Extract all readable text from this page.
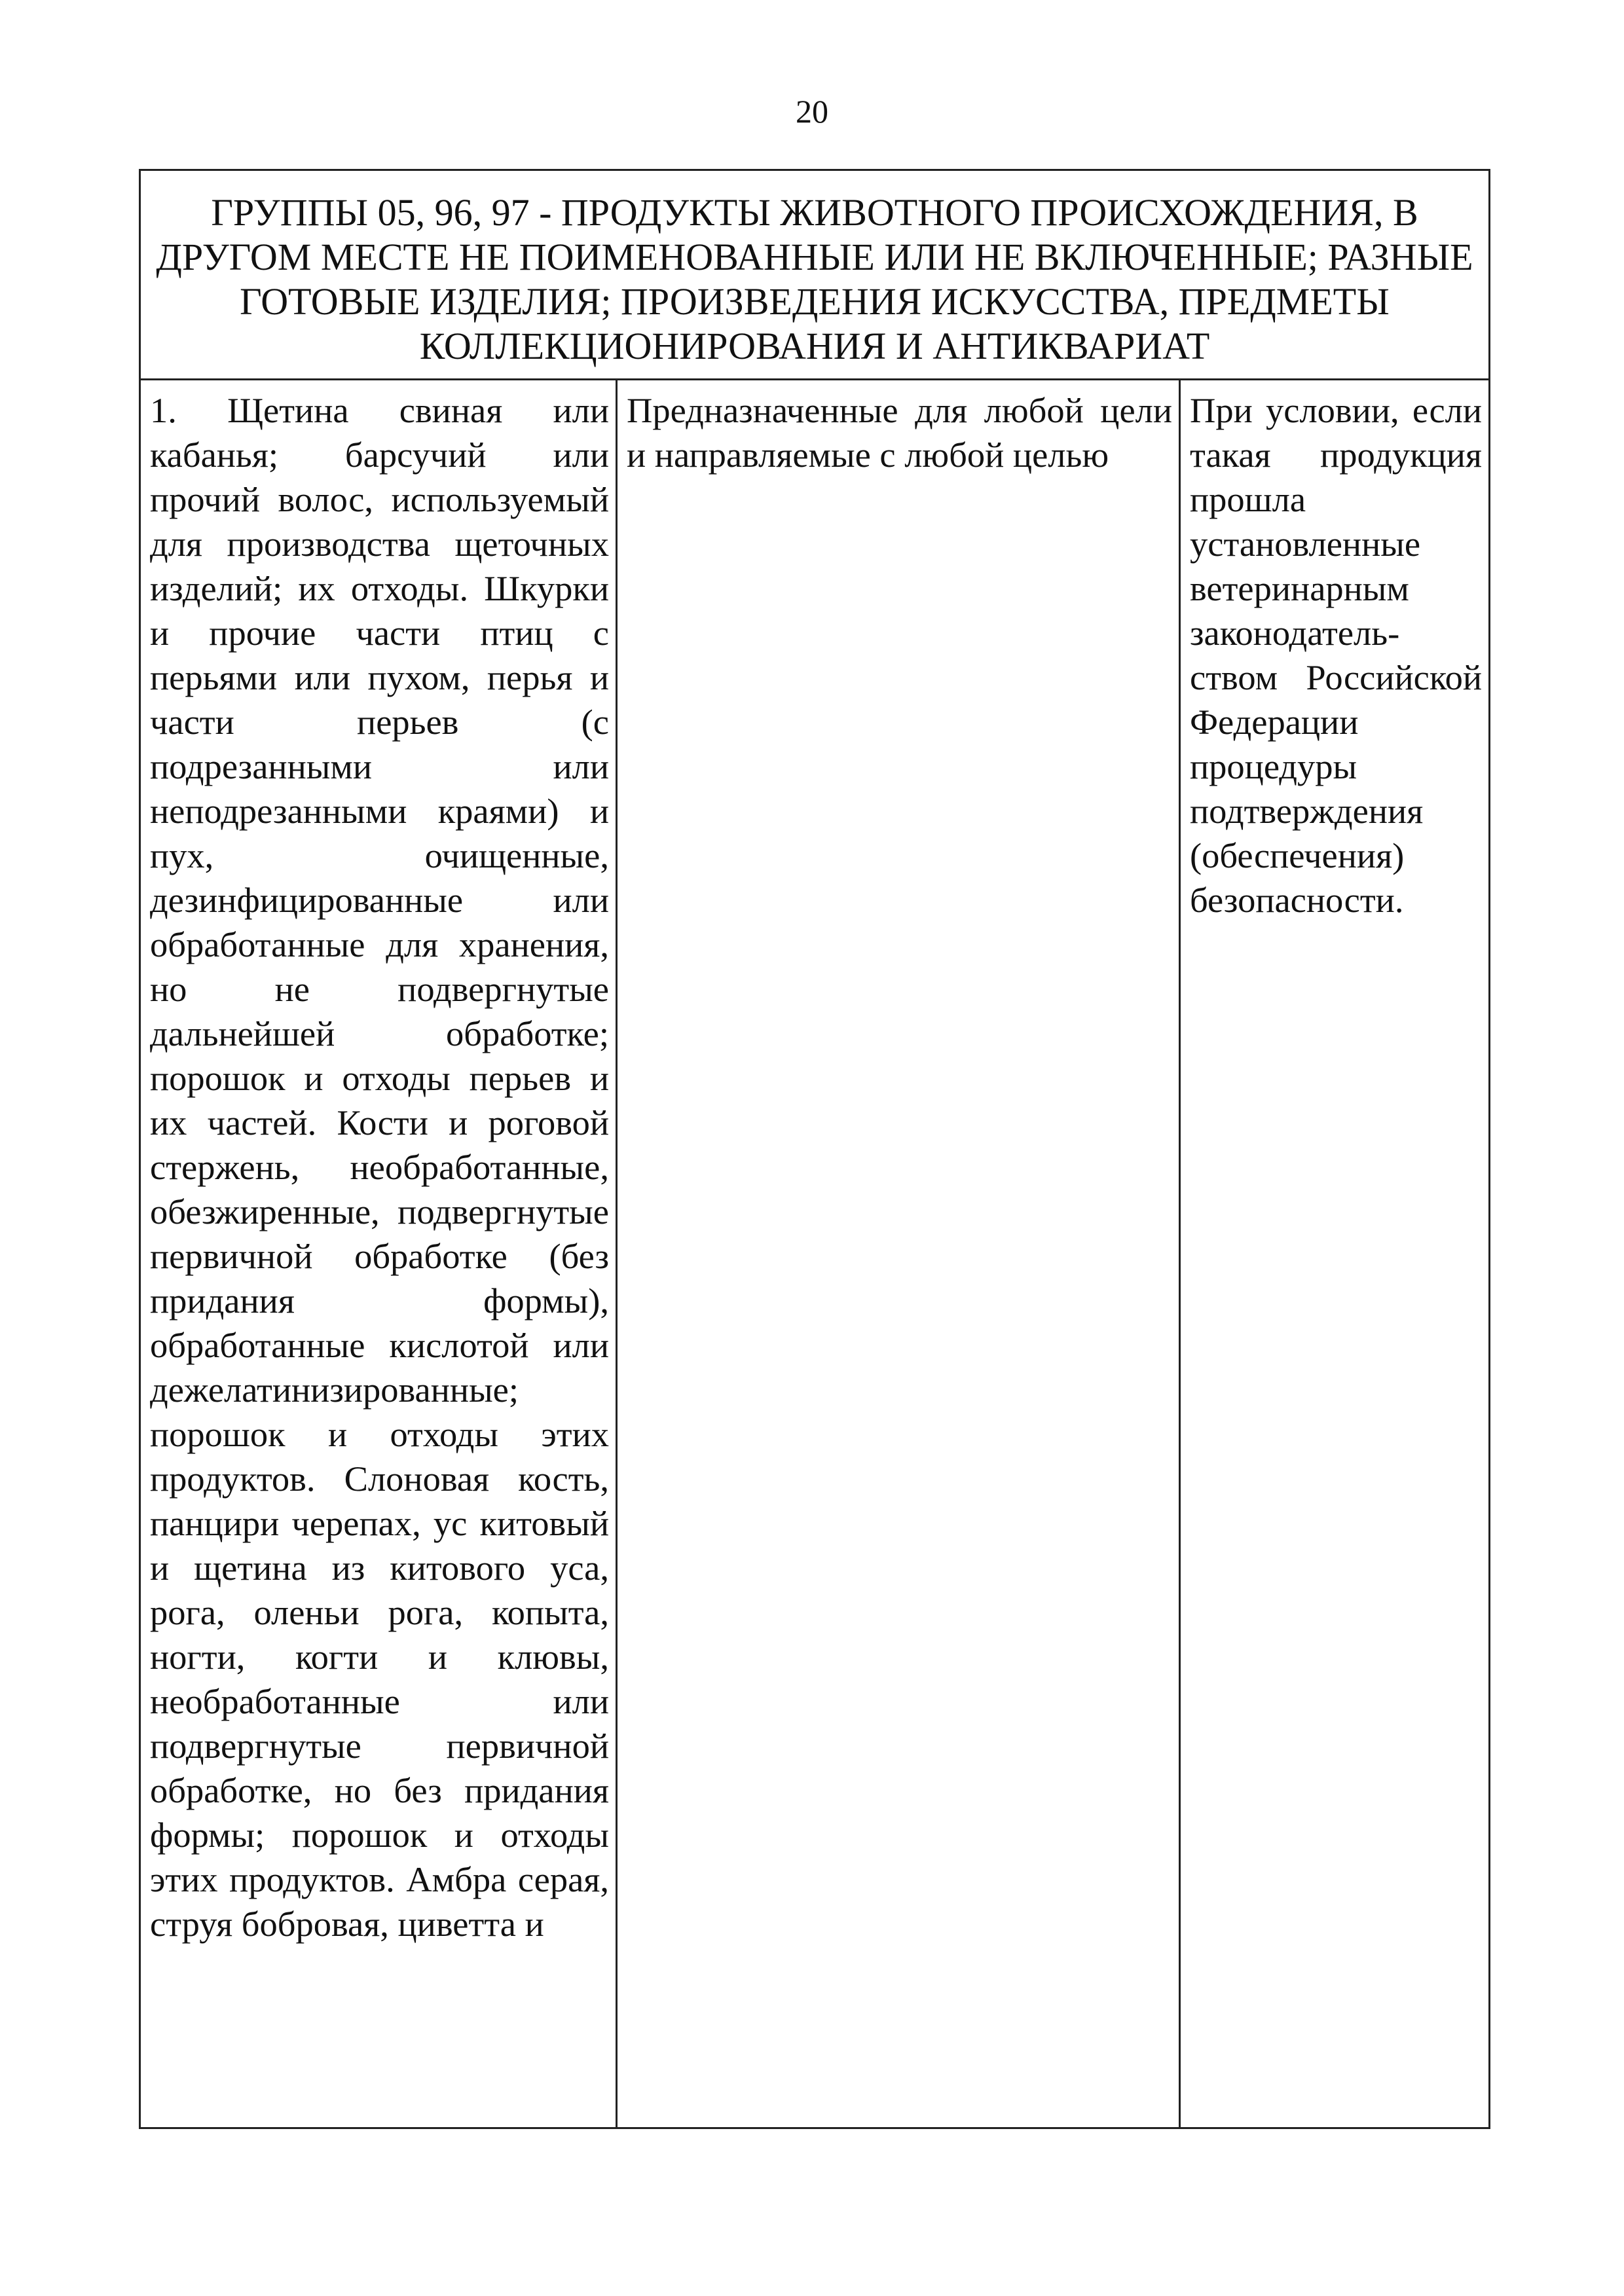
20
ГРУППЫ 05, 96, 97 - ПРОДУКТЫ ЖИВОТНОГО ПРОИСХОЖДЕНИЯ, В ДРУГОМ МЕСТЕ НЕ ПОИМЕНОВАННЫЕ ИЛИ НЕ ВКЛЮЧЕННЫЕ; РАЗНЫЕ ГОТОВЫЕ ИЗДЕЛИЯ; ПРОИЗВЕДЕНИЯ ИСКУССТВА, ПРЕДМЕТЫ КОЛЛЕКЦИОНИРОВАНИЯ И АНТИКВАРИАТ
1. Щетина свиная или кабанья; барсучий или прочий волос, используемый для производства щеточных изделий; их отходы. Шкурки и прочие части птиц с перьями или пухом, перья и части перьев (с подрезанными или неподрезанными краями) и пух, очищенные, дезинфицированные или обработанные для хранения, но не подвергнутые дальнейшей обработке; порошок и отходы перьев и их частей. Кости и роговой стержень, необработанные, обезжиренные, подвергнутые первичной обработке (без придания формы), обработанные кислотой или дежелатинизированные; порошок и отходы этих продуктов. Слоновая кость, панцири черепах, ус китовый и щетина из китового уса, рога, оленьи рога, копыта, ногти, когти и клювы, необработанные или подвергнутые первичной обработке, но без придания формы; порошок и отходы этих продуктов. Амбра серая, струя бобровая, циветта и
Предназначенные для любой цели и направляемые с любой целью
При условии, если такая продукция прошла установленные ветеринарным законодатель-ством Российской Федерации процедуры подтверждения (обеспечения) безопасности.
